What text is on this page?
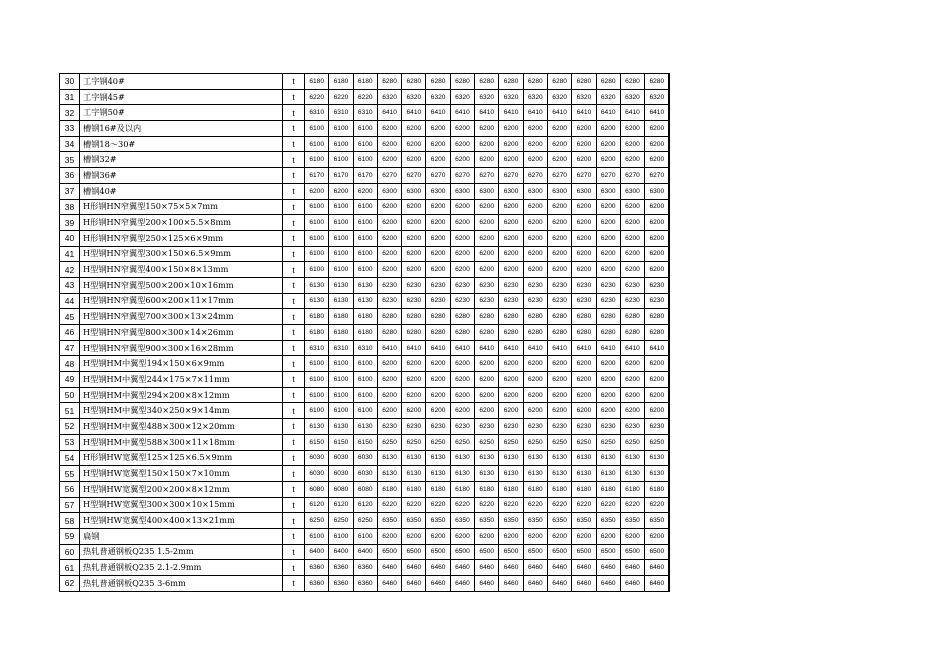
30	工字钢40#	t	6180	6180	6180	6280	6280	6280	6280	6280	6280	6280	6280	6280	6280	6280	6280
31	工字钢45#	t	6220	6220	6220	6320	6320	6320	6320	6320	6320	6320	6320	6320	6320	6320	6320
32	工字钢50#	t	6310	6310	6310	6410	6410	6410	6410	6410	6410	6410	6410	6410	6410	6410	6410
33	槽钢16#及以内	t	6100	6100	6100	6200	6200	6200	6200	6200	6200	6200	6200	6200	6200	6200	6200
34	槽钢18～30#	t	6100	6100	6100	6200	6200	6200	6200	6200	6200	6200	6200	6200	6200	6200	6200
35	槽钢32#	t	6100	6100	6100	6200	6200	6200	6200	6200	6200	6200	6200	6200	6200	6200	6200
36	槽钢36#	t	6170	6170	6170	6270	6270	6270	6270	6270	6270	6270	6270	6270	6270	6270	6270
37	槽钢40#	t	6200	6200	6200	6300	6300	6300	6300	6300	6300	6300	6300	6300	6300	6300	6300
38	H形钢HN窄翼型150×75×5×7mm	t	6100	6100	6100	6200	6200	6200	6200	6200	6200	6200	6200	6200	6200	6200	6200
39	H形钢HN窄翼型200×100×5.5×8mm	t	6100	6100	6100	6200	6200	6200	6200	6200	6200	6200	6200	6200	6200	6200	6200
40	H形钢HN窄翼型250×125×6×9mm	t	6100	6100	6100	6200	6200	6200	6200	6200	6200	6200	6200	6200	6200	6200	6200
41	H型钢HN窄翼型300×150×6.5×9mm	t	6100	6100	6100	6200	6200	6200	6200	6200	6200	6200	6200	6200	6200	6200	6200
42	H型钢HN窄翼型400×150×8×13mm	t	6100	6100	6100	6200	6200	6200	6200	6200	6200	6200	6200	6200	6200	6200	6200
43	H型钢HN窄翼型500×200×10×16mm	t	6130	6130	6130	6230	6230	6230	6230	6230	6230	6230	6230	6230	6230	6230	6230
44	H型钢HN窄翼型600×200×11×17mm	t	6130	6130	6130	6230	6230	6230	6230	6230	6230	6230	6230	6230	6230	6230	6230
45	H型钢HN窄翼型700×300×13×24mm	t	6180	6180	6180	6280	6280	6280	6280	6280	6280	6280	6280	6280	6280	6280	6280
46	H型钢HN窄翼型800×300×14×26mm	t	6180	6180	6180	6280	6280	6280	6280	6280	6280	6280	6280	6280	6280	6280	6280
47	H型钢HN窄翼型900×300×16×28mm	t	6310	6310	6310	6410	6410	6410	6410	6410	6410	6410	6410	6410	6410	6410	6410
48	H型钢HM中翼型194×150×6×9mm	t	6100	6100	6100	6200	6200	6200	6200	6200	6200	6200	6200	6200	6200	6200	6200
49	H型钢HM中翼型244×175×7×11mm	t	6100	6100	6100	6200	6200	6200	6200	6200	6200	6200	6200	6200	6200	6200	6200
50	H型钢HM中翼型294×200×8×12mm	t	6100	6100	6100	6200	6200	6200	6200	6200	6200	6200	6200	6200	6200	6200	6200
51	H型钢HM中翼型340×250×9×14mm	t	6100	6100	6100	6200	6200	6200	6200	6200	6200	6200	6200	6200	6200	6200	6200
52	H型钢HM中翼型488×300×12×20mm	t	6130	6130	6130	6230	6230	6230	6230	6230	6230	6230	6230	6230	6230	6230	6230
53	H型钢HM中翼型588×300×11×18mm	t	6150	6150	6150	6250	6250	6250	6250	6250	6250	6250	6250	6250	6250	6250	6250
54	H形钢HW宽翼型125×125×6.5×9mm	t	6030	6030	6030	6130	6130	6130	6130	6130	6130	6130	6130	6130	6130	6130	6130
55	H型钢HW宽翼型150×150×7×10mm	t	6030	6030	6030	6130	6130	6130	6130	6130	6130	6130	6130	6130	6130	6130	6130
56	H型钢HW宽翼型200×200×8×12mm	t	6080	6080	6080	6180	6180	6180	6180	6180	6180	6180	6180	6180	6180	6180	6180
57	H型钢HW宽翼型300×300×10×15mm	t	6120	6120	6120	6220	6220	6220	6220	6220	6220	6220	6220	6220	6220	6220	6220
58	H型钢HW宽翼型400×400×13×21mm	t	6250	6250	6250	6350	6350	6350	6350	6350	6350	6350	6350	6350	6350	6350	6350
59	扁钢	t	6100	6100	6100	6200	6200	6200	6200	6200	6200	6200	6200	6200	6200	6200	6200
60	热轧普通钢板Q235 1.5-2mm	t	6400	6400	6400	6500	6500	6500	6500	6500	6500	6500	6500	6500	6500	6500	6500
61	热轧普通钢板Q235 2.1-2.9mm	t	6360	6360	6360	6460	6460	6460	6460	6460	6460	6460	6460	6460	6460	6460	6460
62	热轧普通钢板Q235 3-6mm	t	6360	6360	6360	6460	6460	6460	6460	6460	6460	6460	6460	6460	6460	6460	6460
